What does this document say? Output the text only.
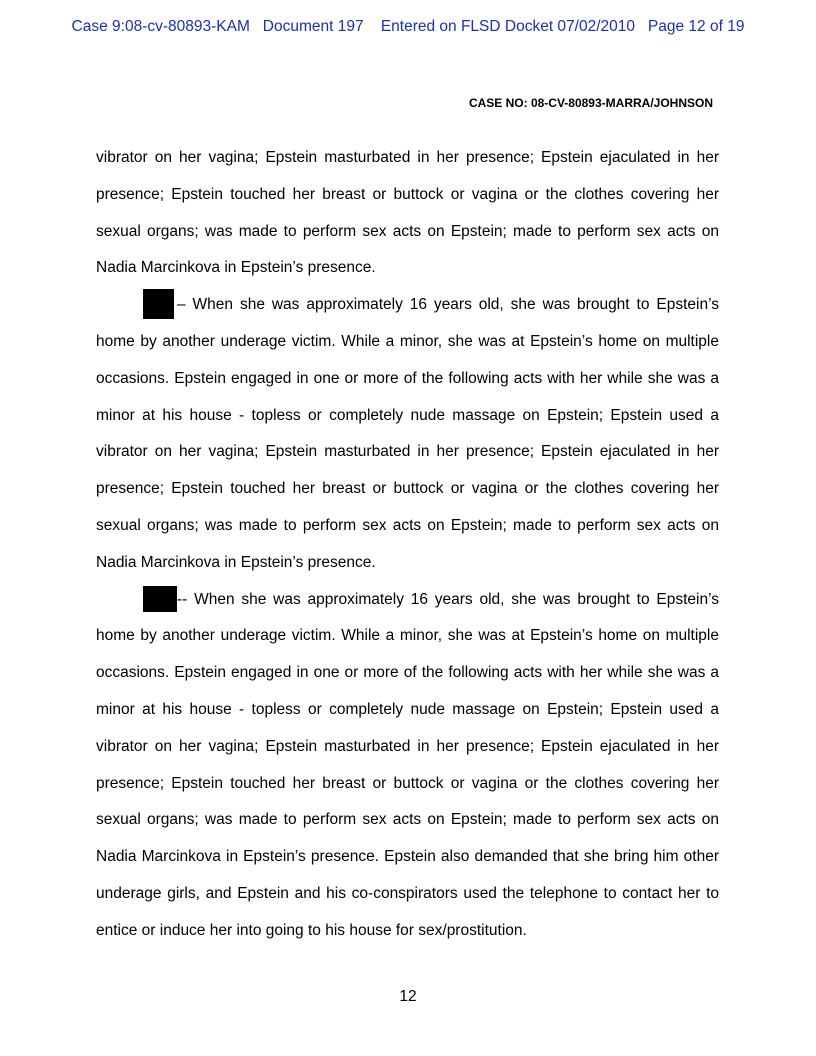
Case 9:08-cv-80893-KAM   Document 197    Entered on FLSD Docket 07/02/2010   Page 12 of 19
CASE NO: 08-CV-80893-MARRA/JOHNSON

vibrator on her vagina; Epstein masturbated in her presence; Epstein ejaculated in her presence; Epstein touched her breast or buttock or vagina or the clothes covering her sexual organs; was made to perform sex acts on Epstein; made to perform sex acts on Nadia Marcinkova in Epstein’s presence.

– When she was approximately 16 years old, she was brought to Epstein’s home by another underage victim. While a minor, she was at Epstein’s home on multiple occasions. Epstein engaged in one or more of the following acts with her while she was a minor at his house - topless or completely nude massage on Epstein; Epstein used a vibrator on her vagina; Epstein masturbated in her presence; Epstein ejaculated in her presence; Epstein touched her breast or buttock or vagina or the clothes covering her sexual organs; was made to perform sex acts on Epstein; made to perform sex acts on Nadia Marcinkova in Epstein’s presence.

-- When she was approximately 16 years old, she was brought to Epstein’s home by another underage victim. While a minor, she was at Epstein’s home on multiple occasions. Epstein engaged in one or more of the following acts with her while she was a minor at his house - topless or completely nude massage on Epstein; Epstein used a vibrator on her vagina; Epstein masturbated in her presence; Epstein ejaculated in her presence; Epstein touched her breast or buttock or vagina or the clothes covering her sexual organs; was made to perform sex acts on Epstein; made to perform sex acts on Nadia Marcinkova in Epstein’s presence. Epstein also demanded that she bring him other underage girls, and Epstein and his co-conspirators used the telephone to contact her to entice or induce her into going to his house for sex/prostitution.

12
